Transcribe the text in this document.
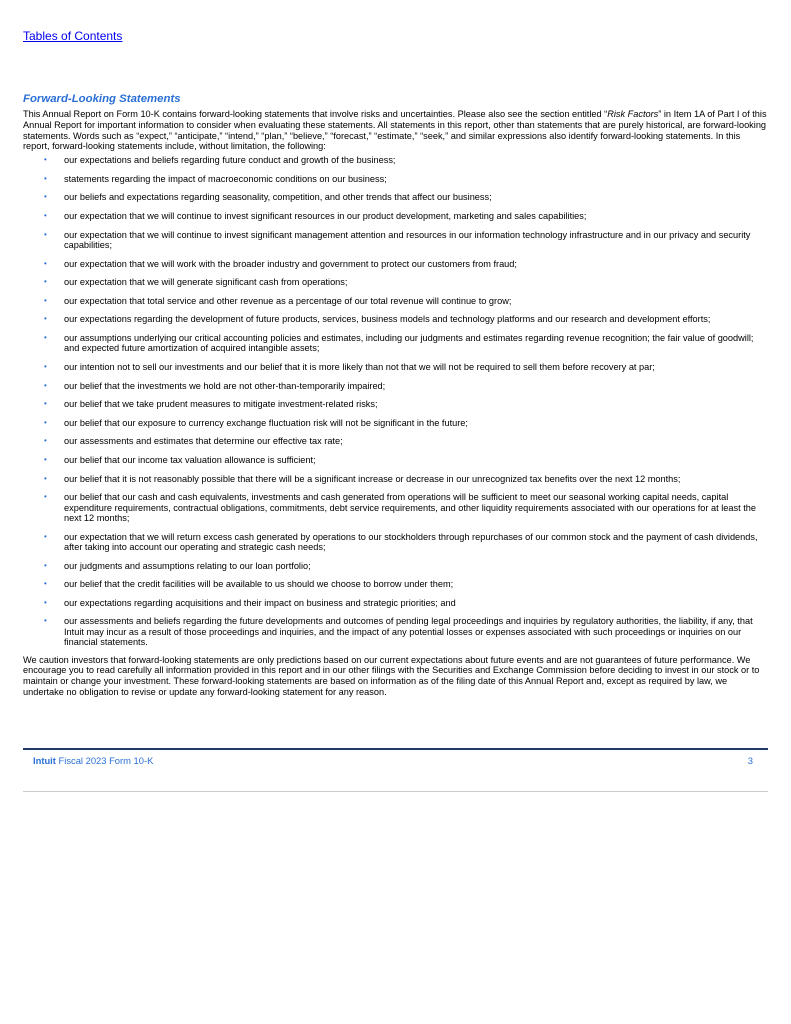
Tables of Contents
Forward-Looking Statements

This Annual Report on Form 10-K contains forward-looking statements that involve risks and uncertainties. Please also see the section entitled “Risk Factors” in Item 1A of Part I of this Annual Report for important information to consider when evaluating these statements. All statements in this report, other than statements that are purely historical, are forward-looking statements. Words such as “expect,” “anticipate,” “intend,” “plan,” “believe,” “forecast,” “estimate,” “seek,” and similar expressions also identify forward-looking statements. In this report, forward-looking statements include, without limitation, the following:

• our expectations and beliefs regarding future conduct and growth of the business;
• statements regarding the impact of macroeconomic conditions on our business;
• our beliefs and expectations regarding seasonality, competition, and other trends that affect our business;
• our expectation that we will continue to invest significant resources in our product development, marketing and sales capabilities;
• our expectation that we will continue to invest significant management attention and resources in our information technology infrastructure and in our privacy and security capabilities;
• our expectation that we will work with the broader industry and government to protect our customers from fraud;
• our expectation that we will generate significant cash from operations;
• our expectation that total service and other revenue as a percentage of our total revenue will continue to grow;
• our expectations regarding the development of future products, services, business models and technology platforms and our research and development efforts;
• our assumptions underlying our critical accounting policies and estimates, including our judgments and estimates regarding revenue recognition; the fair value of goodwill; and expected future amortization of acquired intangible assets;
• our intention not to sell our investments and our belief that it is more likely than not that we will not be required to sell them before recovery at par;
• our belief that the investments we hold are not other-than-temporarily impaired;
• our belief that we take prudent measures to mitigate investment-related risks;
• our belief that our exposure to currency exchange fluctuation risk will not be significant in the future;
• our assessments and estimates that determine our effective tax rate;
• our belief that our income tax valuation allowance is sufficient;
• our belief that it is not reasonably possible that there will be a significant increase or decrease in our unrecognized tax benefits over the next 12 months;
• our belief that our cash and cash equivalents, investments and cash generated from operations will be sufficient to meet our seasonal working capital needs, capital expenditure requirements, contractual obligations, commitments, debt service requirements, and other liquidity requirements associated with our operations for at least the next 12 months;
• our expectation that we will return excess cash generated by operations to our stockholders through repurchases of our common stock and the payment of cash dividends, after taking into account our operating and strategic cash needs;
• our judgments and assumptions relating to our loan portfolio;
• our belief that the credit facilities will be available to us should we choose to borrow under them;
• our expectations regarding acquisitions and their impact on business and strategic priorities; and
• our assessments and beliefs regarding the future developments and outcomes of pending legal proceedings and inquiries by regulatory authorities, the liability, if any, that Intuit may incur as a result of those proceedings and inquiries, and the impact of any potential losses or expenses associated with such proceedings or inquiries on our financial statements.

We caution investors that forward-looking statements are only predictions based on our current expectations about future events and are not guarantees of future performance. We encourage you to read carefully all information provided in this report and in our other filings with the Securities and Exchange Commission before deciding to invest in our stock or to maintain or change your investment. These forward-looking statements are based on information as of the filing date of this Annual Report and, except as required by law, we undertake no obligation to revise or update any forward-looking statement for any reason.

Intuit Fiscal 2023 Form 10-K	3
